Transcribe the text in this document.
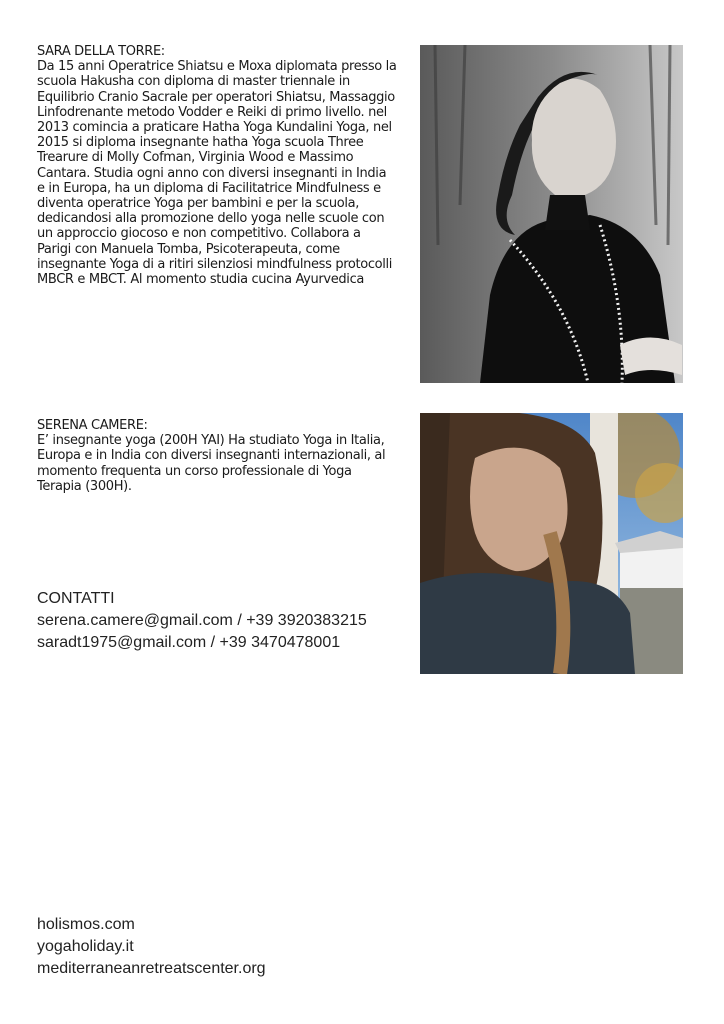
SARA DELLA TORRE:
Da 15 anni Operatrice Shiatsu e Moxa diplomata presso la scuola Hakusha con diploma di master triennale in Equilibrio Cranio Sacrale per operatori Shiatsu, Massaggio Linfodrenante metodo Vodder e Reiki di primo livello. nel 2013 comincia a praticare Hatha Yoga Kundalini Yoga, nel 2015 si diploma insegnante hatha Yoga scuola Three Trearure di Molly Cofman, Virginia Wood e Massimo Cantara. Studia ogni anno con diversi insegnanti in India e in Europa, ha un diploma di Facilitatrice Mindfulness e diventa operatrice Yoga per bambini e per la scuola, dedicandosi alla promozione dello yoga nelle scuole con un approccio giocoso e non competitivo. Collabora a Parigi con Manuela Tomba, Psicoterapeuta, come insegnante Yoga di a ritiri silenziosi mindfulness protocolli MBCR e MBCT. Al momento studia cucina Ayurvedica
SERENA CAMERE:
E’ insegnante yoga (200H YAI) Ha studiato Yoga in Italia, Europa e in India con diversi insegnanti internazionali, al momento frequenta un corso professionale di Yoga Terapia (300H).
CONTATTI
serena.camere@gmail.com / +39 3920383215
saradt1975@gmail.com / +39 3470478001
holismos.com
yogaholiday.it
mediterraneanretreatscenter.org
